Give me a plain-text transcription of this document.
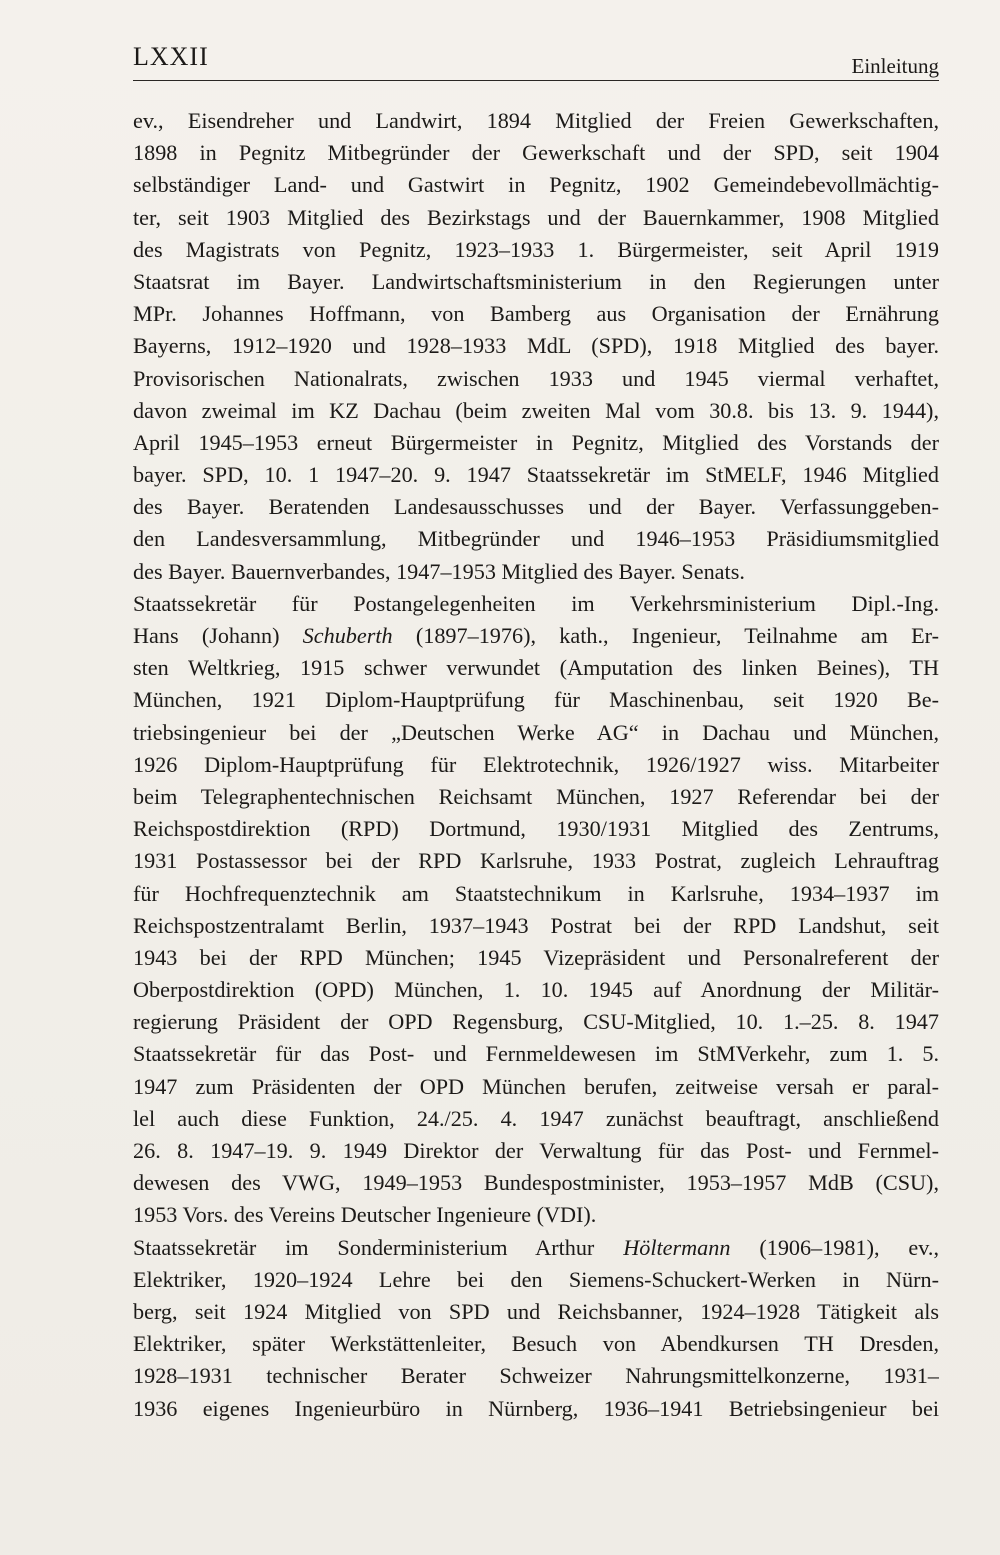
LXXII	Einleitung
ev., Eisendreher und Landwirt, 1894 Mitglied der Freien Gewerkschaften,
1898 in Pegnitz Mitbegründer der Gewerkschaft und der SPD, seit 1904
selbständiger Land- und Gastwirt in Pegnitz, 1902 Gemeindebevollmächtig-
ter, seit 1903 Mitglied des Bezirkstags und der Bauernkammer, 1908 Mitglied
des Magistrats von Pegnitz, 1923–1933 1. Bürgermeister, seit April 1919
Staatsrat im Bayer. Landwirtschaftsministerium in den Regierungen unter
MPr. Johannes Hoffmann, von Bamberg aus Organisation der Ernährung
Bayerns, 1912–1920 und 1928–1933 MdL (SPD), 1918 Mitglied des bayer.
Provisorischen Nationalrats, zwischen 1933 und 1945 viermal verhaftet,
davon zweimal im KZ Dachau (beim zweiten Mal vom 30.8. bis 13. 9. 1944),
April 1945–1953 erneut Bürgermeister in Pegnitz, Mitglied des Vorstands der
bayer. SPD, 10. 1 1947–20. 9. 1947 Staatssekretär im StMELF, 1946 Mitglied
des Bayer. Beratenden Landesausschusses und der Bayer. Verfassunggeben-
den Landesversammlung, Mitbegründer und 1946–1953 Präsidiumsmitglied
des Bayer. Bauernverbandes, 1947–1953 Mitglied des Bayer. Senats.
Staatssekretär für Postangelegenheiten im Verkehrsministerium Dipl.-Ing.
Hans (Johann) Schuberth (1897–1976), kath., Ingenieur, Teilnahme am Er-
sten Weltkrieg, 1915 schwer verwundet (Amputation des linken Beines), TH
München, 1921 Diplom-Hauptprüfung für Maschinenbau, seit 1920 Be-
triebsingenieur bei der „Deutschen Werke AG“ in Dachau und München,
1926 Diplom-Hauptprüfung für Elektrotechnik, 1926/1927 wiss. Mitarbeiter
beim Telegraphentechnischen Reichsamt München, 1927 Referendar bei der
Reichspostdirektion (RPD) Dortmund, 1930/1931 Mitglied des Zentrums,
1931 Postassessor bei der RPD Karlsruhe, 1933 Postrat, zugleich Lehrauftrag
für Hochfrequenztechnik am Staatstechnikum in Karlsruhe, 1934–1937 im
Reichspostzentralamt Berlin, 1937–1943 Postrat bei der RPD Landshut, seit
1943 bei der RPD München; 1945 Vizepräsident und Personalreferent der
Oberpostdirektion (OPD) München, 1. 10. 1945 auf Anordnung der Militär-
regierung Präsident der OPD Regensburg, CSU-Mitglied, 10. 1.–25. 8. 1947
Staatssekretär für das Post- und Fernmeldewesen im StMVerkehr, zum 1. 5.
1947 zum Präsidenten der OPD München berufen, zeitweise versah er paral-
lel auch diese Funktion, 24./25. 4. 1947 zunächst beauftragt, anschließend
26. 8. 1947–19. 9. 1949 Direktor der Verwaltung für das Post- und Fernmel-
dewesen des VWG, 1949–1953 Bundespostminister, 1953–1957 MdB (CSU),
1953 Vors. des Vereins Deutscher Ingenieure (VDI).
Staatssekretär im Sonderministerium Arthur Höltermann (1906–1981), ev.,
Elektriker, 1920–1924 Lehre bei den Siemens-Schuckert-Werken in Nürn-
berg, seit 1924 Mitglied von SPD und Reichsbanner, 1924–1928 Tätigkeit als
Elektriker, später Werkstättenleiter, Besuch von Abendkursen TH Dresden,
1928–1931 technischer Berater Schweizer Nahrungsmittelkonzerne, 1931–
1936 eigenes Ingenieurbüro in Nürnberg, 1936–1941 Betriebsingenieur bei
